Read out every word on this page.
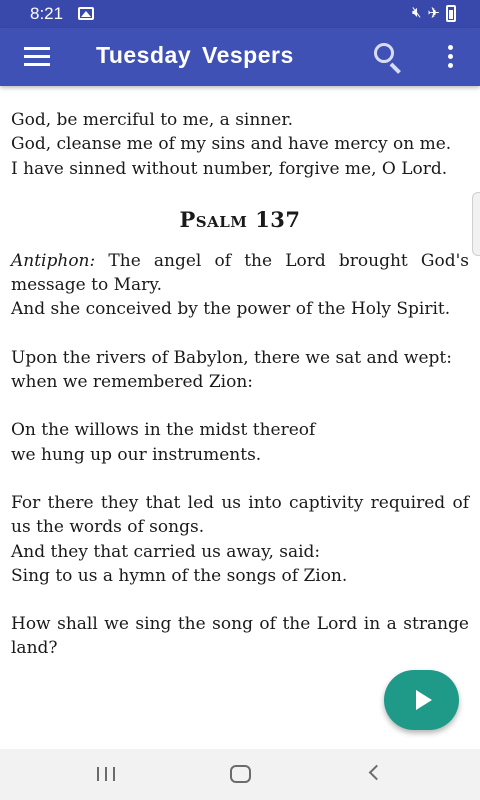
8:21	🔇︎ ✈︎
Tuesday Vespers

God, be merciful to me, a sinner.

God, cleanse me of my sins and have mercy on me.

I have sinned without number, forgive me, O Lord.

Psalm 137

Antiphon: The angel of the Lord brought God's message to Mary.

And she conceived by the power of the Holy Spirit.

Upon the rivers of Babylon, there we sat and wept:

when we remembered Zion:

On the willows in the midst thereof

we hung up our instruments.

For there they that led us into captivity required of us the words of songs.

And they that carried us away, said:

Sing to us a hymn of the songs of Zion.

How shall we sing the song of the Lord in a strange land?
